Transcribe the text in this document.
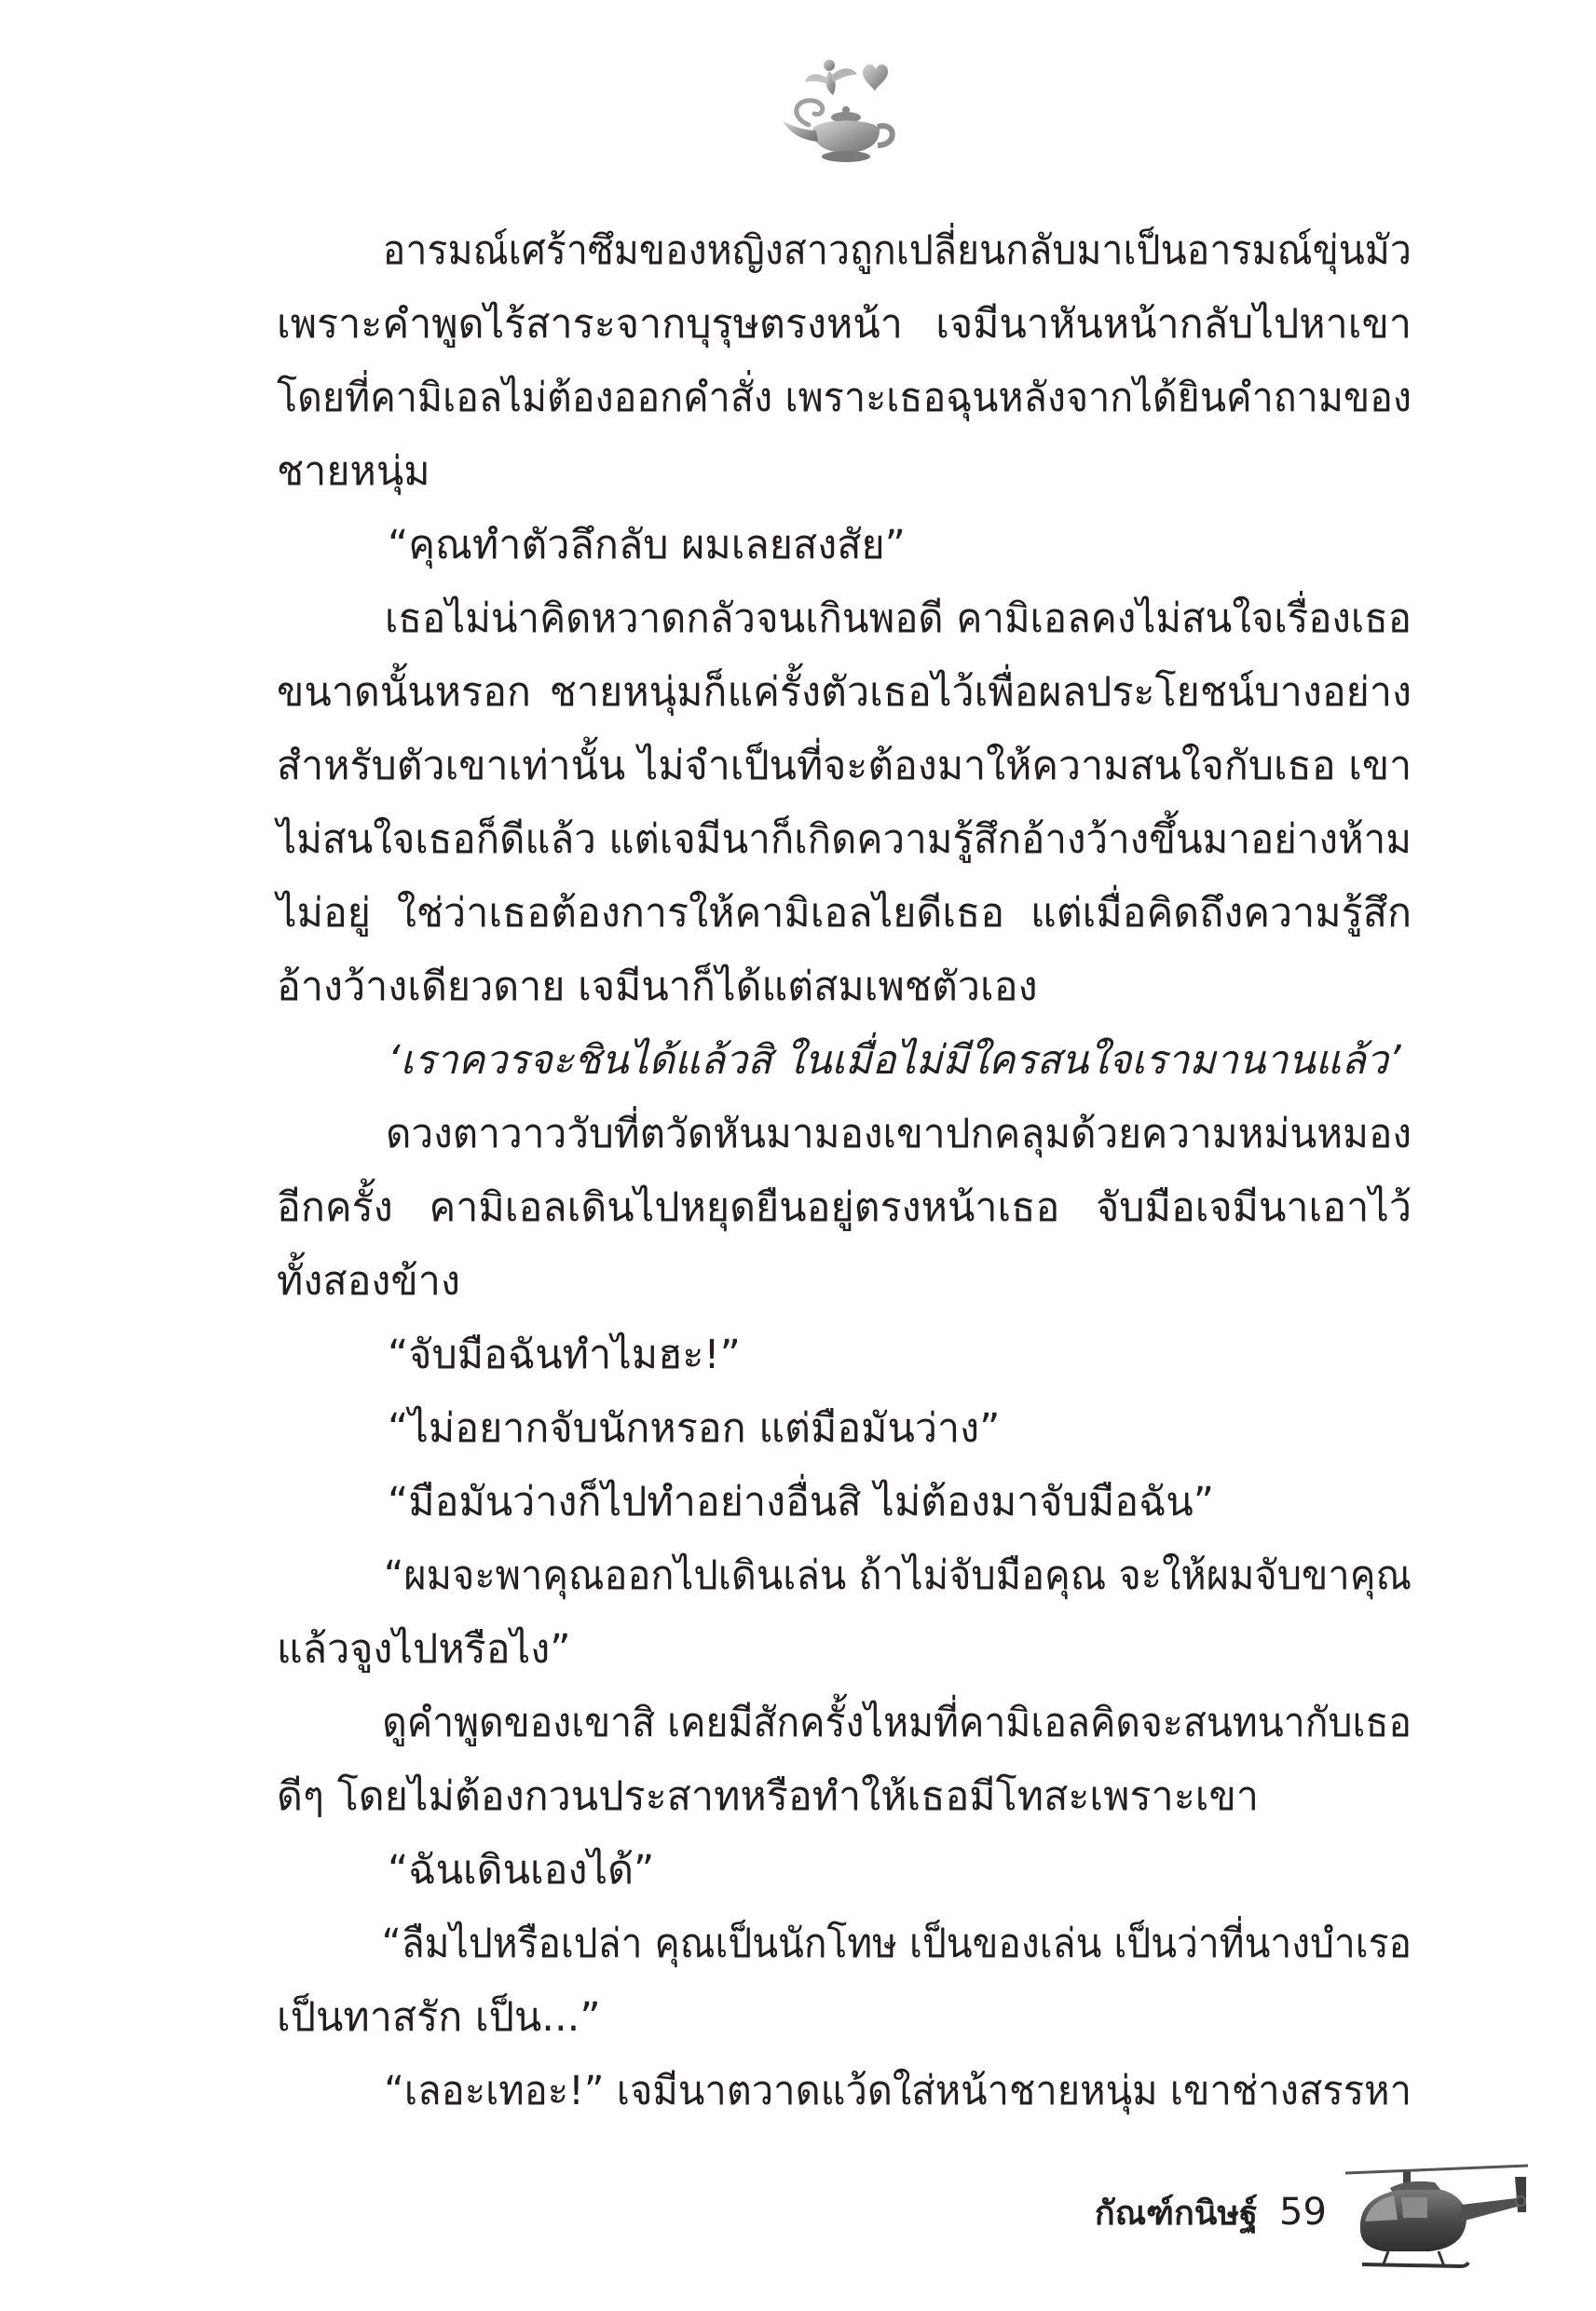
อารมณ์เศร้าซึมของหญิงสาวถูกเปลี่ยนกลับมาเป็นอารมณ์ขุ่นมัว
เพราะคำพูดไร้สาระจากบุรุษตรงหน้า เจมีนาหันหน้ากลับไปหาเขา
โดยที่คามิเอลไม่ต้องออกคำสั่ง เพราะเธอฉุนหลังจากได้ยินคำถามของ
ชายหนุ่ม
“คุณทำตัวลึกลับ ผมเลยสงสัย”
เธอไม่น่าคิดหวาดกลัวจนเกินพอดี คามิเอลคงไม่สนใจเรื่องเธอ
ขนาดนั้นหรอก ชายหนุ่มก็แค่รั้งตัวเธอไว้เพื่อผลประโยชน์บางอย่าง
สำหรับตัวเขาเท่านั้น ไม่จำเป็นที่จะต้องมาให้ความสนใจกับเธอ เขา
ไม่สนใจเธอก็ดีแล้ว แต่เจมีนาก็เกิดความรู้สึกอ้างว้างขึ้นมาอย่างห้าม
ไม่อยู่ ใช่ว่าเธอต้องการให้คามิเอลไยดีเธอ แต่เมื่อคิดถึงความรู้สึก
อ้างว้างเดียวดาย เจมีนาก็ได้แต่สมเพชตัวเอง
‘เราควรจะชินได้แล้วสิ ในเมื่อไม่มีใครสนใจเรามานานแล้ว’
ดวงตาวาววับที่ตวัดหันมามองเขาปกคลุมด้วยความหม่นหมอง
อีกครั้ง คามิเอลเดินไปหยุดยืนอยู่ตรงหน้าเธอ จับมือเจมีนาเอาไว้
ทั้งสองข้าง
“จับมือฉันทำไมฮะ!”
“ไม่อยากจับนักหรอก แต่มือมันว่าง”
“มือมันว่างก็ไปทำอย่างอื่นสิ ไม่ต้องมาจับมือฉัน”
“ผมจะพาคุณออกไปเดินเล่น ถ้าไม่จับมือคุณ จะให้ผมจับขาคุณ
แล้วจูงไปหรือไง”
ดูคำพูดของเขาสิ เคยมีสักครั้งไหมที่คามิเอลคิดจะสนทนากับเธอ
ดีๆ โดยไม่ต้องกวนประสาทหรือทำให้เธอมีโทสะเพราะเขา
“ฉันเดินเองได้”
“ลืมไปหรือเปล่า คุณเป็นนักโทษ เป็นของเล่น เป็นว่าที่นางบำเรอ
เป็นทาสรัก เป็น...”
“เลอะเทอะ!” เจมีนาตวาดแว้ดใส่หน้าชายหนุ่ม เขาช่างสรรหา
กัณฑ์กนิษฐ์ 59
